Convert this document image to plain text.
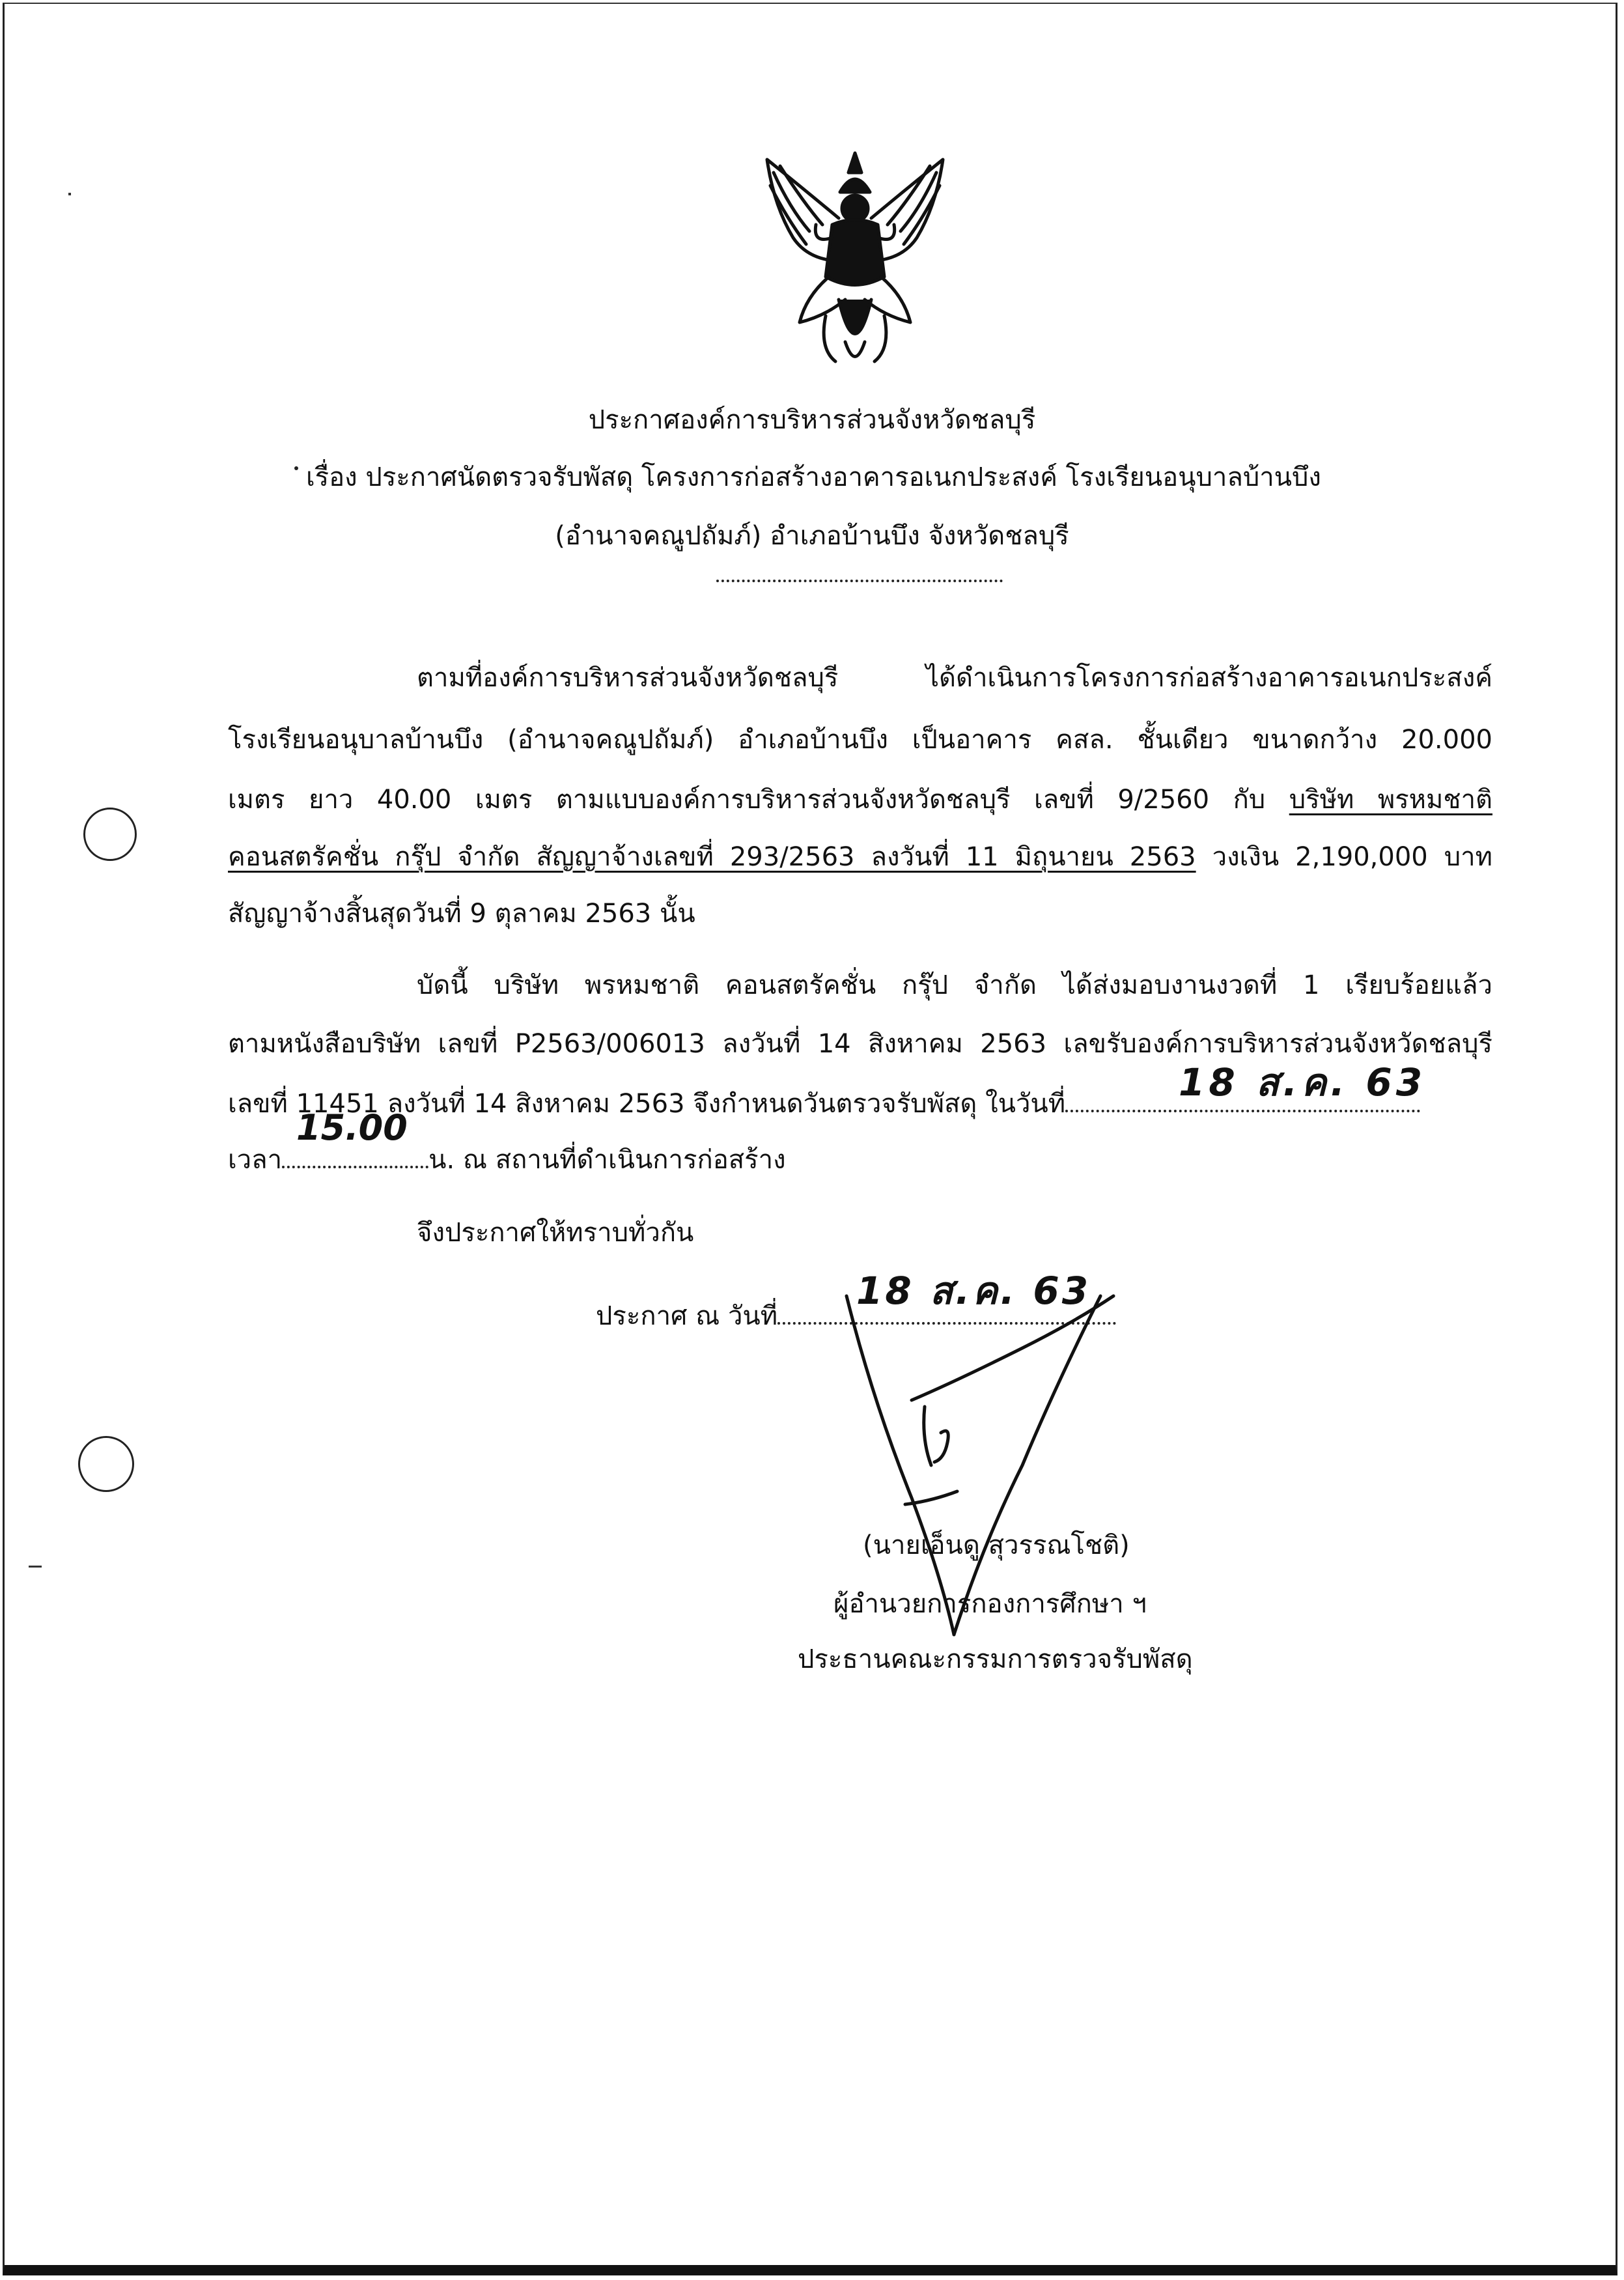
ประกาศองค์การบริหารส่วนจังหวัดชลบุรี
เรื่อง ประกาศนัดตรวจรับพัสดุ โครงการก่อสร้างอาคารอเนกประสงค์ โรงเรียนอนุบาลบ้านบึง
(อำนาจคณูปถัมภ์) อำเภอบ้านบึง จังหวัดชลบุรี
ตามที่องค์การบริหารส่วนจังหวัดชลบุรี ได้ดำเนินการโครงการก่อสร้างอาคารอเนกประสงค์
โรงเรียนอนุบาลบ้านบึง (อำนาจคณูปถัมภ์) อำเภอบ้านบึง เป็นอาคาร คสล. ชั้นเดียว ขนาดกว้าง 20.000
เมตร ยาว 40.00 เมตร ตามแบบองค์การบริหารส่วนจังหวัดชลบุรี เลขที่ 9/2560 กับ บริษัท พรหมชาติ
คอนสตรัคชั่น กรุ๊ป จำกัด สัญญาจ้างเลขที่ 293/2563 ลงวันที่ 11 มิถุนายน 2563 วงเงิน 2,190,000 บาท
สัญญาจ้างสิ้นสุดวันที่ 9 ตุลาคม 2563 นั้น
บัดนี้ บริษัท พรหมชาติ คอนสตรัคชั่น กรุ๊ป จำกัด ได้ส่งมอบงานงวดที่ 1 เรียบร้อยแล้ว
ตามหนังสือบริษัท เลขที่ P2563/006013 ลงวันที่ 14 สิงหาคม 2563 เลขรับองค์การบริหารส่วนจังหวัดชลบุรี
เลขที่ 11451 ลงวันที่ 14 สิงหาคม 2563 จึงกำหนดวันตรวจรับพัสดุ ในวันที่
เวลา	น. ณ สถานที่ดำเนินการก่อสร้าง
จึงประกาศให้ทราบทั่วกัน
18 ส.ค. 63
15.00
ประกาศ ณ วันที่
18 ส.ค. 63
(นายเอ็นดู สุวรรณโชติ)
ผู้อำนวยการกองการศึกษา ฯ
ประธานคณะกรรมการตรวจรับพัสดุ
